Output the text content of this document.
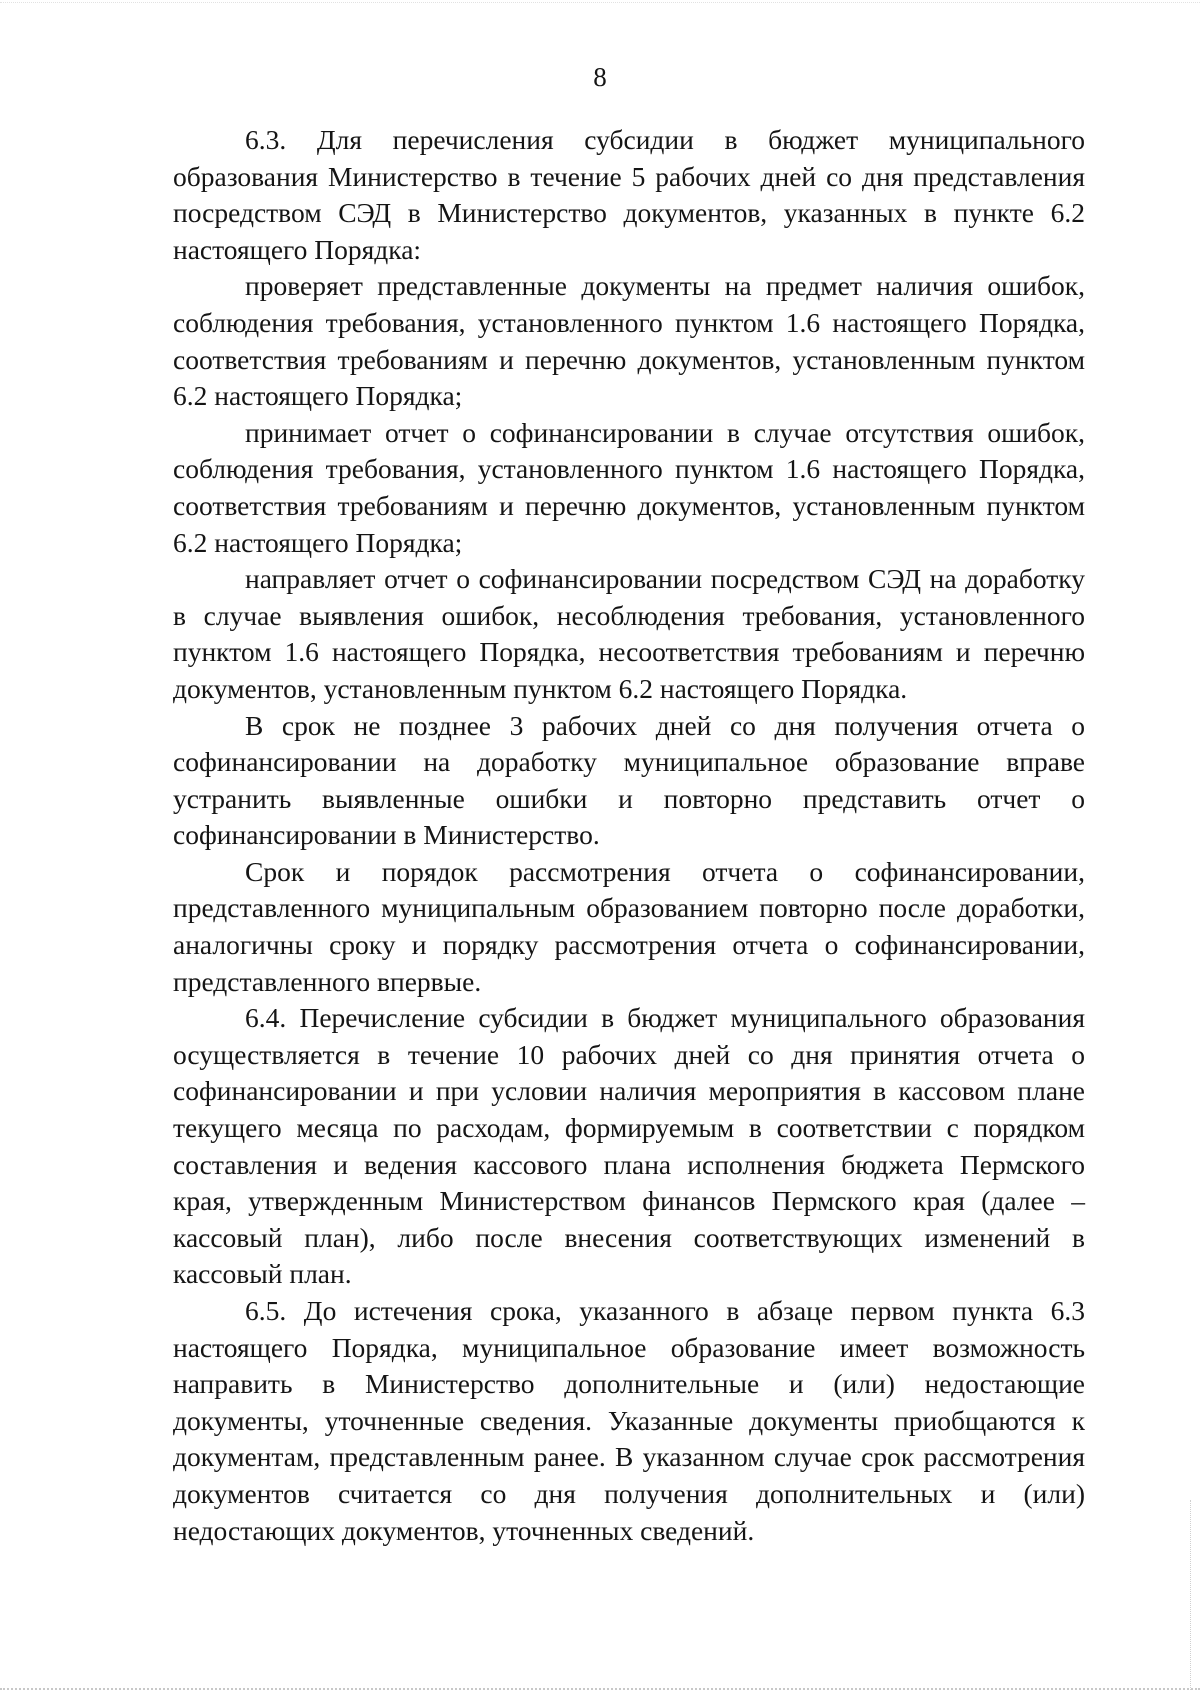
8

6.3. Для перечисления субсидии в бюджет муниципального образования Министерство в течение 5 рабочих дней со дня представления посредством СЭД в Министерство документов, указанных в пункте 6.2 настоящего Порядка:

проверяет представленные документы на предмет наличия ошибок, соблюдения требования, установленного пунктом 1.6 настоящего Порядка, соответствия требованиям и перечню документов, установленным пунктом 6.2 настоящего Порядка;

принимает отчет о софинансировании в случае отсутствия ошибок, соблюдения требования, установленного пунктом 1.6 настоящего Порядка, соответствия требованиям и перечню документов, установленным пунктом 6.2 настоящего Порядка;

направляет отчет о софинансировании посредством СЭД на доработку в случае выявления ошибок, несоблюдения требования, установленного пунктом 1.6 настоящего Порядка, несоответствия требованиям и перечню документов, установленным пунктом 6.2 настоящего Порядка.

В срок не позднее 3 рабочих дней со дня получения отчета о софинансировании на доработку муниципальное образование вправе устранить выявленные ошибки и повторно представить отчет о софинансировании в Министерство.

Срок и порядок рассмотрения отчета о софинансировании, представленного муниципальным образованием повторно после доработки, аналогичны сроку и порядку рассмотрения отчета о софинансировании, представленного впервые.

6.4. Перечисление субсидии в бюджет муниципального образования осуществляется в течение 10 рабочих дней со дня принятия отчета о софинансировании и при условии наличия мероприятия в кассовом плане текущего месяца по расходам, формируемым в соответствии с порядком составления и ведения кассового плана исполнения бюджета Пермского края, утвержденным Министерством финансов Пермского края (далее – кассовый план), либо после внесения соответствующих изменений в кассовый план.

6.5. До истечения срока, указанного в абзаце первом пункта 6.3 настоящего Порядка, муниципальное образование имеет возможность направить в Министерство дополнительные и (или) недостающие документы, уточненные сведения. Указанные документы приобщаются к документам, представленным ранее. В указанном случае срок рассмотрения документов считается со дня получения дополнительных и (или) недостающих документов, уточненных сведений.
